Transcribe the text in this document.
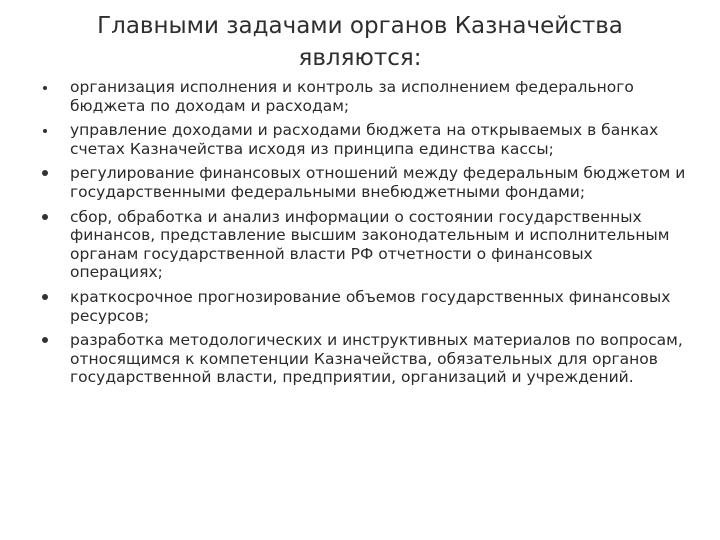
Главными задачами органов Казначейства
являются:
организация исполнения и контроль за исполнением федерального бюджета по доходам и расходам;
управление доходами и расходами бюджета на открываемых в банках счетах Казначейства исходя из принципа единства кассы;
регулирование финансовых отношений между федеральным бюджетом и государственными федеральными внебюджетными фондами;
сбор, обработка и анализ информации о состоянии государственных финансов, представление высшим законодательным и исполнительным органам государственной власти РФ отчетности о финансовых операциях;
краткосрочное прогнозирование объемов государственных финансовых ресурсов;
разработка методологических и инструктивных материалов по вопросам, относящимся к компетенции Казначейства, обязательных для органов государственной власти, предприятии, организаций и учреждений.
